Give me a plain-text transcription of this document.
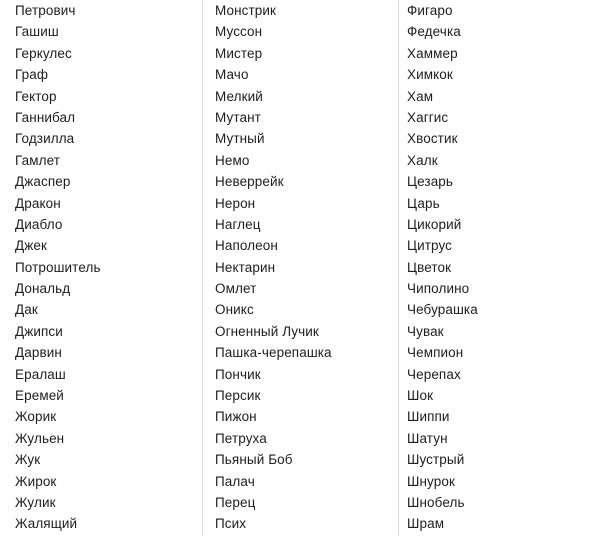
Петрович
Гашиш
Геркулес
Граф
Гектор
Ганнибал
Годзилла
Гамлет
Джаспер
Дракон
Диабло
Джек
Потрошитель
Дональд
Дак
Джипси
Дарвин
Ералаш
Еремей
Жорик
Жульен
Жук
Жирок
Жулик
Жалящий
Монстрик
Муссон
Мистер
Мачо
Мелкий
Мутант
Мутный
Немо
Неверрейк
Нерон
Наглец
Наполеон
Нектарин
Омлет
Оникс
Огненный Лучик
Пашка-черепашка
Пончик
Персик
Пижон
Петруха
Пьяный Боб
Палач
Перец
Псих
Фигаро
Федечка
Хаммер
Химкок
Хам
Хаггис
Хвостик
Халк
Цезарь
Царь
Цикорий
Цитрус
Цветок
Чиполино
Чебурашка
Чувак
Чемпион
Черепах
Шок
Шиппи
Шатун
Шустрый
Шнурок
Шнобель
Шрам
